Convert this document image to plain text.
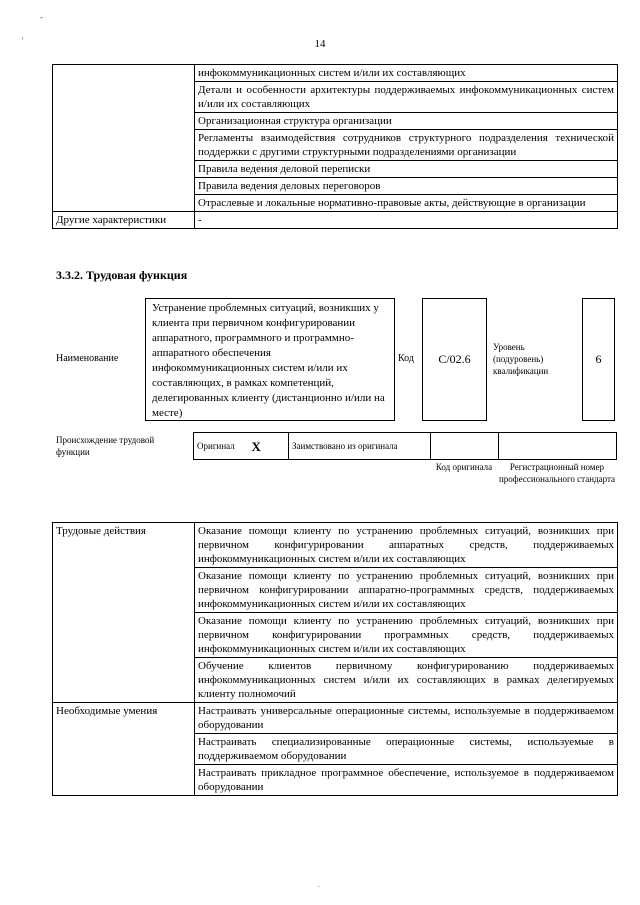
-
'	14
	инфокоммуникационных систем и/или их составляющих
	Детали и особенности архитектуры поддерживаемых инфокоммуникационных систем и/или их составляющих
	Организационная структура организации
	Регламенты взаимодействия сотрудников структурного подразделения технической поддержки с другими структурными подразделениями организации
	Правила ведения деловой переписки
	Правила ведения деловых переговоров
	Отраслевые и локальные нормативно-правовые акты, действующие в организации
Другие характеристики	-
3.3.2. Трудовая функция
Наименование
Устранение проблемных ситуаций, возникших у клиента при первичном конфигурировании аппаратного, программного и программно-аппаратного обеспечения инфокоммуникационных систем и/или их составляющих, в рамках компетенций, делегированных клиенту (дистанционно и/или на месте)
Код	С/02.6
Уровень (подуровень) квалификации
6
Происхождение трудовой функции
Оригинал	X	Заимствовано из оригинала		
Код оригинала	Регистрационный номер профессионального стандарта
Трудовые действия	Оказание помощи клиенту по устранению проблемных ситуаций, возникших при первичном конфигурировании аппаратных средств, поддерживаемых инфокоммуникационных систем и/или их составляющих
	Оказание помощи клиенту по устранению проблемных ситуаций, возникших при первичном конфигурировании аппаратно-программных средств, поддерживаемых инфокоммуникационных систем и/или их составляющих
	Оказание помощи клиенту по устранению проблемных ситуаций, возникших при первичном конфигурировании программных средств, поддерживаемых инфокоммуникационных систем и/или их составляющих
	Обучение клиентов первичному конфигурированию поддерживаемых инфокоммуникационных систем и/или их составляющих в рамках делегируемых клиенту полномочий
Необходимые умения	Настраивать универсальные операционные системы, используемые в поддерживаемом оборудовании
	Настраивать специализированные операционные системы, используемые в поддерживаемом оборудовании
	Настраивать прикладное программное обеспечение, используемое в поддерживаемом оборудовании
.
